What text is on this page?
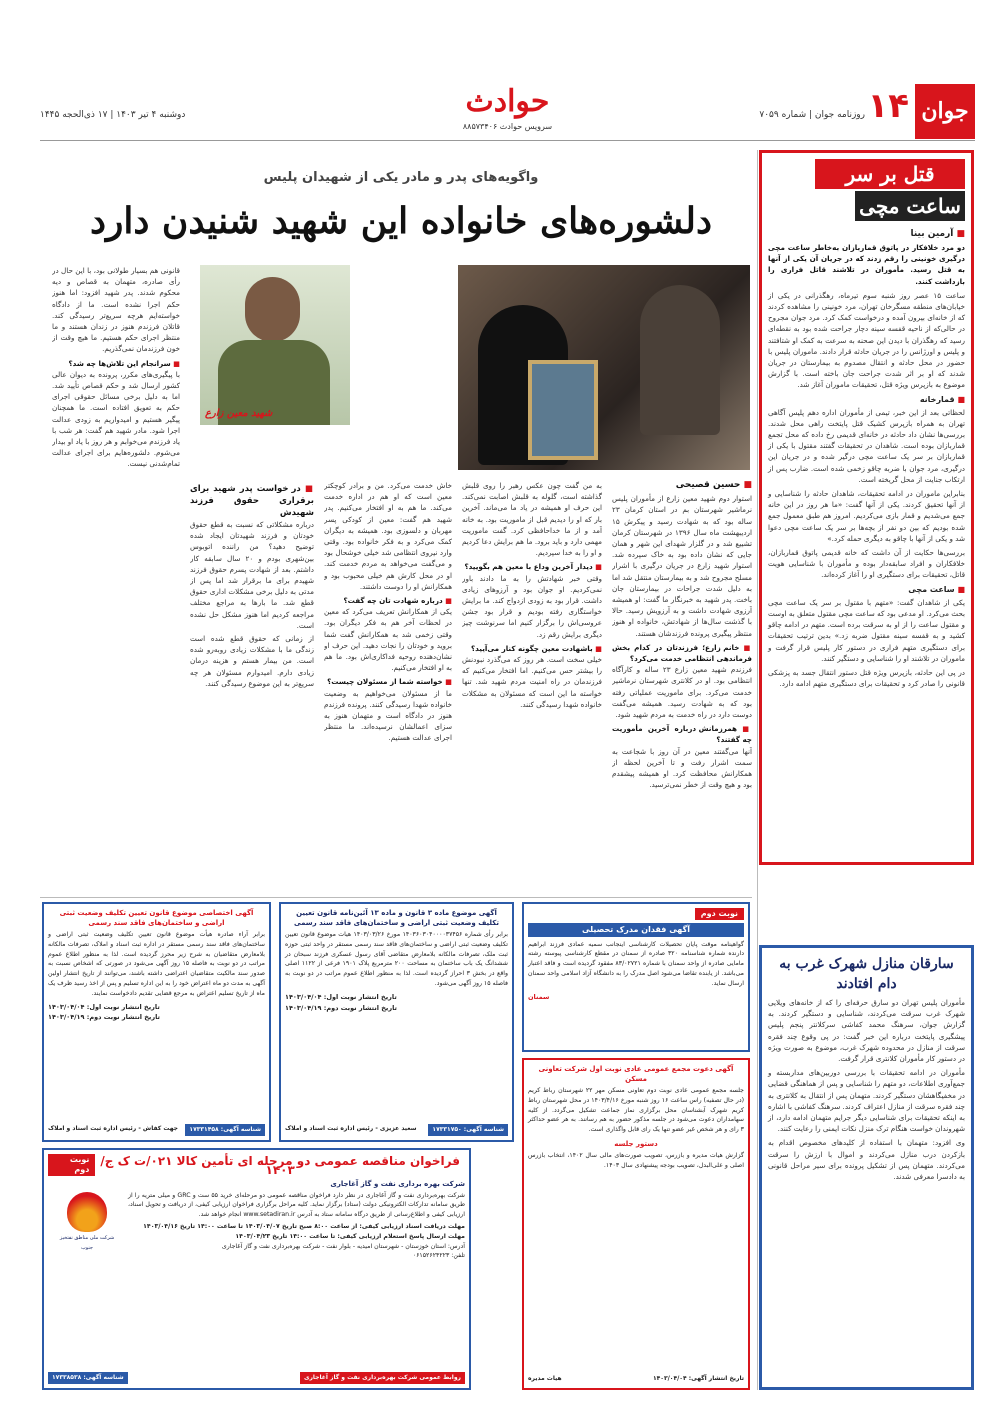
جوان
۱۴
روزنامه جوان | شماره ۷۰۵۹
حوادث
سرویس حوادث ۸۸۵۷۳۴۰۶
دوشنبه ۴ تیر ۱۴۰۳ | ۱۷ ذی‌الحجه ۱۴۴۵
قتل بر سر
ساعت مچی
■ آرمین بینا
دو مرد خلافکار در پاتوق قماربازان به‌خاطر ساعت مچی درگیری خونینی را رقم زدند که در جریان آن یکی از آنها به قتل رسید. مأموران در تلاشند قاتل فراری را بازداشت کنند.
ساعت ۱۵ عصر روز شنبه سوم تیرماه، رهگذرانی در یکی از خیابان‌های منطقه مسگرخان تهران، مرد خونینی را مشاهده کردند که از خانه‌ای بیرون آمده و درخواست کمک کرد. مرد جوان مجروح در حالی‌که از ناحیه قفسه سینه دچار جراحت شده بود به نقطه‌ای رسید که رهگذران با دیدن این صحنه به سرعت به کمک او شتافتند و پلیس و اورژانس را در جریان حادثه قرار دادند. ماموران پلیس با حضور در محل حادثه و انتقال مصدوم به بیمارستان در جریان شدند که او بر اثر شدت جراحت جان باخته است. با گزارش موضوع به بازپرس ویژه قتل، تحقیقات ماموران آغاز شد.
■ قمارخانه
لحظاتی بعد از این خبر، تیمی از مأموران اداره دهم پلیس آگاهی تهران به همراه بازپرس کشیک قتل پایتخت راهی محل شدند. بررسی‌ها نشان داد حادثه در خانه‌ای قدیمی رخ داده که محل تجمع قماربازان بوده است. شاهدان در تحقیقات گفتند مقتول با یکی از قماربازان بر سر یک ساعت مچی درگیر شده و در جریان این درگیری، مرد جوان با ضربه چاقو زخمی شده است. ضارب پس از ارتکاب جنایت از محل گریخته است.
بنابراین ماموران در ادامه تحقیقات، شاهدان حادثه را شناسایی و از آنها تحقیق کردند. یکی از آنها گفت: «ما هر روز در این خانه جمع می‌شدیم و قمار بازی می‌کردیم. امروز هم طبق معمول جمع شده بودیم که بین دو نفر از بچه‌ها بر سر یک ساعت مچی دعوا شد و یکی از آنها با چاقو به دیگری حمله کرد.»
بررسی‌ها حکایت از آن داشت که خانه قدیمی پاتوق قماربازان، خلافکاران و افراد سابقه‌دار بوده و مأموران با شناسایی هویت قاتل، تحقیقات برای دستگیری او را آغاز کرده‌اند.
■ ساعت مچی
یکی از شاهدان گفت: «متهم با مقتول بر سر یک ساعت مچی بحث می‌کرد. او مدعی بود که ساعت مچی مقتول متعلق به اوست و مقتول ساعت را از او به سرقت برده است. متهم در ادامه چاقو کشید و به قفسه سینه مقتول ضربه زد.» بدین ترتیب تحقیقات برای دستگیری متهم فراری در دستور کار پلیس قرار گرفت و ماموران در تلاشند او را شناسایی و دستگیر کنند.
در پی این حادثه، بازپرس ویژه قتل دستور انتقال جسد به پزشکی قانونی را صادر کرد و تحقیقات برای دستگیری متهم ادامه دارد.
سارقان منازل شهرک غرب به دام افتادند
مأموران پلیس تهران دو سارق حرفه‌ای را که از خانه‌های ویلایی شهرک غرب سرقت می‌کردند، شناسایی و دستگیر کردند. به گزارش جوان، سرهنگ محمد کفاشی سرکلانتر پنجم پلیس پیشگیری پایتخت درباره این خبر گفت: در پی وقوع چند فقره سرقت از منازل در محدوده شهرک غرب، موضوع به صورت ویژه در دستور کار مأموران کلانتری قرار گرفت.
مأموران در ادامه تحقیقات با بررسی دوربین‌های مداربسته و جمع‌آوری اطلاعات، دو متهم را شناسایی و پس از هماهنگی قضایی در مخفیگاهشان دستگیر کردند. متهمان پس از انتقال به کلانتری به چند فقره سرقت از منازل اعتراف کردند. سرهنگ کفاشی با اشاره به اینکه تحقیقات برای شناسایی دیگر جرایم متهمان ادامه دارد، از شهروندان خواست هنگام ترک منزل نکات ایمنی را رعایت کنند.
وی افزود: متهمان با استفاده از کلید‌های مخصوص اقدام به بازکردن درب منازل می‌کردند و اموال با ارزش را سرقت می‌کردند. متهمان پس از تشکیل پرونده برای سیر مراحل قانونی به دادسرا معرفی شدند.
واگویه‌های پدر و مادر یکی از شهیدان پلیس
دلشوره‌های خانواده این شهید شنیدن دارد
شهید معین زارع

■ حسین قصیحی

استوار دوم شهید معین زارع از مأموران پلیس نرماشیر شهرستان بم در استان کرمان ۲۳ ساله بود که به شهادت رسید و پیکرش ۱۵ اردیبهشت ماه سال ۱۳۹۶ در شهرستان کرمان تشییع شد و در گلزار شهدای این شهر و همان جایی که نشان داده بود به خاک سپرده شد. استوار شهید زارع در جریان درگیری با اشرار مسلح مجروح شد و به بیمارستان منتقل شد اما به دلیل شدت جراحات در بیمارستان جان باخت. پدر شهید به خبرنگار ما گفت: او همیشه آرزوی شهادت داشت و به آرزویش رسید. حالا با گذشت سال‌ها از شهادتش، خانواده او هنوز منتظر پیگیری پرونده فرزندشان هستند.

■ خانم زارع؛ فرزندتان در کدام بخش فرماندهی انتظامی خدمت می‌کرد؟

فرزندم شهید معین زارع ۲۳ ساله و کارآگاه انتظامی بود. او در کلانتری شهرستان نرماشیر خدمت می‌کرد. برای ماموریت عملیاتی رفته بود که به شهادت رسید. همیشه می‌گفت دوست دارد در راه خدمت به مردم شهید شود.

■ همرزمانش درباره آخرین مأموریت چه گفتند؟

آنها می‌گفتند معین در آن روز با شجاعت به سمت اشرار رفت و تا آخرین لحظه از همکارانش محافظت کرد. او همیشه پیشقدم بود و هیچ وقت از خطر نمی‌ترسید.

به من گفت چون عکس رهبر را روی قلبش گذاشته است، گلوله به قلبش اصابت نمی‌کند. این حرف او همیشه در یاد ما می‌ماند. آخرین بار که او را دیدیم قبل از ماموریت بود. به خانه آمد و از ما خداحافظی کرد. گفت ماموریت مهمی دارد و باید برود. ما هم برایش دعا کردیم و او را به خدا سپردیم.

■ دیدار آخرین وداع با معین هم بگویید؟

وقتی خبر شهادتش را به ما دادند باور نمی‌کردیم. او جوان بود و آرزوهای زیادی داشت. قرار بود به زودی ازدواج کند. ما برایش خواستگاری رفته بودیم و قرار بود جشن عروسی‌اش را برگزار کنیم اما سرنوشت چیز دیگری برایش رقم زد.

■ باشهادت معین چگونه کنار می‌آیید؟

خیلی سخت است. هر روز که می‌گذرد نبودنش را بیشتر حس می‌کنیم. اما افتخار می‌کنیم که فرزندمان در راه امنیت مردم شهید شد. تنها خواسته ما این است که مسئولان به مشکلات خانواده شهدا رسیدگی کنند.

خاش خدمت می‌کرد. من و برادر کوچکتر معین است که او هم در اداره خدمت می‌کند. ما هم به او افتخار می‌کنیم. پدر شهید هم گفت: معین از کودکی پسر مهربان و دلسوزی بود. همیشه به دیگران کمک می‌کرد و به فکر خانواده بود. وقتی وارد نیروی انتظامی شد خیلی خوشحال بود و می‌گفت می‌خواهد به مردم خدمت کند. او در محل کارش هم خیلی محبوب بود و همکارانش او را دوست داشتند.

■ درباره شهادت تان چه گفت؟

یکی از همکارانش تعریف می‌کرد که معین در لحظات آخر هم به فکر دیگران بود. وقتی زخمی شد به همکارانش گفت شما بروید و خودتان را نجات دهید. این حرف او نشان‌دهنده روحیه فداکاری‌اش بود. ما هم به او افتخار می‌کنیم.

■ خواسته شما از مسئولان چیست؟

ما از مسئولان می‌خواهیم به وضعیت خانواده شهدا رسیدگی کنند. پرونده فرزندم هنوز در دادگاه است و متهمان هنوز به سزای اعمالشان نرسیده‌اند. ما منتظر اجرای عدالت هستیم.

■ در خواست پدر شهید برای برقراری حقوق فرزند شهیدش

درباره مشکلاتی که نسبت به قطع حقوق خودتان و فرزند شهیدتان ایجاد شده توضیح دهید؟ من راننده اتوبوس بین‌شهری بودم و ۲۰ سال سابقه کار داشتم. بعد از شهادت پسرم حقوق فرزند شهیدم برای ما برقرار شد اما پس از مدتی به دلیل برخی مشکلات اداری حقوق قطع شد. ما بارها به مراجع مختلف مراجعه کردیم اما هنوز مشکل حل نشده است.

از زمانی که حقوق قطع شده است زندگی ما با مشکلات زیادی روبه‌رو شده است. من بیمار هستم و هزینه درمان زیادی دارم. امیدوارم مسئولان هر چه سریع‌تر به این موضوع رسیدگی کنند.

قانونی هم بسیار طولانی بود، با این حال در رأی صادره، متهمان به قصاص و دیه محکوم شدند. پدر شهید افزود: اما هنوز حکم اجرا نشده است. ما از دادگاه خواسته‌ایم هرچه سریع‌تر رسیدگی کند. قاتلان فرزندم هنوز در زندان هستند و ما منتظر اجرای حکم هستیم. ما هیچ وقت از خون فرزندمان نمی‌گذریم.

■ سرانجام این تلاش‌ها چه شد؟

با پیگیری‌های مکرر، پرونده به دیوان عالی کشور ارسال شد و حکم قصاص تأیید شد. اما به دلیل برخی مسائل حقوقی اجرای حکم به تعویق افتاده است. ما همچنان پیگیر هستیم و امیدواریم به زودی عدالت اجرا شود. مادر شهید هم گفت: هر شب با یاد فرزندم می‌خوابم و هر روز با یاد او بیدار می‌شوم. دلشوره‌هایم برای اجرای عدالت تمام‌شدنی نیست.

نوبت دوم
آگهی فقدان مدرک تحصیلی
گواهینامه موقت پایان تحصیلات کارشناسی اینجانب سمیه عمادی فرزند ابراهیم دارنده شماره شناسنامه ۳۲۰ صادره از سمنان در مقطع کارشناسی پیوسته رشته مامایی صادره از واحد سمنان با شماره ۸۳/۰۲۷۲۱ مفقود گردیده است و فاقد اعتبار می‌باشد. از یابنده تقاضا می‌شود اصل مدرک را به دانشگاه آزاد اسلامی واحد سمنان ارسال نماید.
سمنان
آگهی موضوع ماده ۳ قانون و ماده ۱۳ آئین‌نامه قانون تعیین تکلیف وضعیت ثبتی اراضی و ساختمان‌های فاقد سند رسمی
برابر رأی شماره ۱۴۰۳۶۰۳۰۴۰۰۰۰۳۷۴۵۶ مورخ ۱۴۰۳/۰۳/۲۶ هیات موضوع قانون تعیین تکلیف وضعیت ثبتی اراضی و ساختمان‌های فاقد سند رسمی مستقر در واحد ثبتی حوزه ثبت ملک، تصرفات مالکانه بلامعارض متقاضی آقای رسول عسکری فرزند سبحان در ششدانگ یک باب ساختمان به مساحت ۲۰۰ مترمربع پلاک ۱۹۰۱ فرعی از ۱۱۲۲ اصلی واقع در بخش ۳ احراز گردیده است. لذا به منظور اطلاع عموم مراتب در دو نوبت به فاصله ۱۵ روز آگهی می‌شود.
تاریخ انتشار نوبت اول: ۱۴۰۳/۰۴/۰۴
تاریخ انتشار نوبت دوم: ۱۴۰۳/۰۴/۱۹
شناسه آگهی: ۱۷۳۳۱۷۵۰
سعید عزیزی - رئیس اداره ثبت اسناد و املاک
آگهی اختصاصی موضوع قانون تعیین تکلیف وضعیت ثبتی اراضی و ساختمان‌های فاقد سند رسمی
برابر آراء صادره هیأت موضوع قانون تعیین تکلیف وضعیت ثبتی اراضی و ساختمان‌های فاقد سند رسمی مستقر در اداره ثبت اسناد و املاک، تصرفات مالکانه بلامعارض متقاضیان به شرح زیر محرز گردیده است. لذا به منظور اطلاع عموم مراتب در دو نوبت به فاصله ۱۵ روز آگهی می‌شود در صورتی که اشخاص نسبت به صدور سند مالکیت متقاضیان اعتراضی داشته باشند، می‌توانند از تاریخ انتشار اولین آگهی به مدت دو ماه اعتراض خود را به این اداره تسلیم و پس از اخذ رسید ظرف یک ماه از تاریخ تسلیم اعتراض به مرجع قضایی تقدیم دادخواست نمایند.
تاریخ انتشار نوبت اول: ۱۴۰۳/۰۴/۰۴
تاریخ انتشار نوبت دوم: ۱۴۰۳/۰۴/۱۹
شناسه آگهی: ۱۷۳۳۱۴۵۸
جهت کفاش - رئیس اداره ثبت اسناد و املاک
آگهی دعوت مجمع عمومی عادی نوبت اول شرکت تعاونی مسکن
جلسه مجمع عمومی عادی نوبت دوم تعاونی مسکن مهر ۲۲ شهرستان رباط کریم (در حال تصفیه) راس ساعت ۱۶ روز شنبه مورخ ۱۴۰۳/۴/۱۶ در محل شهرستان رباط کریم شهرک آبشناسان محل برگزاری نماز جماعت تشکیل می‌گردد. از کلیه سهامداران دعوت می‌شود در جلسه مذکور حضور به هم رسانند. به هر عضو حداکثر ۳ رای و هر شخص غیر عضو تنها یک رای قابل واگذاری است.
دستور جلسه
گزارش هیات مدیره و بازرس، تصویب صورت‌های مالی سال ۱۴۰۲، انتخاب بازرس اصلی و علی‌البدل، تصویب بودجه پیشنهادی سال ۱۴۰۳.
تاریخ انتشار آگهی: ۱۴۰۳/۰۴/۰۴
هیات مدیره
فراخوان مناقصه عمومی دو مرحله ای تأمین کالا ۰۲۱/ت ک ج/۱۴۰۳
نوبت دوم
شرکت بهره برداری نفت و گاز آغاجاری
شرکت بهره‌برداری نفت و گاز آغاجاری در نظر دارد فراخوان مناقصه عمومی دو مرحله‌ای خرید ۵۵ ست و GRC و میلی متریه را از طریق سامانه تدارکات الکترونیکی دولت (ستاد) برگزار نماید. کلیه مراحل برگزاری فراخوان ارزیابی کیفی، از دریافت و تحویل اسناد، ارزیابی کیفی و اطلاع‌رسانی از طریق درگاه سامانه ستاد به آدرس www.setadiran.ir انجام خواهد شد.
مهلت دریافت اسناد ارزیابی کیفی: از ساعت ۸:۰۰ صبح تاریخ ۱۴۰۳/۰۴/۰۷ تا ساعت ۱۴:۰۰ تاریخ ۱۴۰۳/۰۴/۱۶
مهلت ارسال پاسخ استعلام ارزیابی کیفی: تا ساعت ۱۴:۰۰ تاریخ ۱۴۰۳/۰۴/۲۳
آدرس: استان خوزستان - شهرستان امیدیه - بلوار نفت - شرکت بهره‌برداری نفت و گاز آغاجاری
تلفن: ۰۶۱۵۲۶۲۴۲۲۳
شرکت ملی مناطق نفتخیز جنوب
روابط عمومی شرکت بهره‌برداری نفت و گاز آغاجاری
شناسه آگهی: ۱۷۳۳۸۵۳۸
